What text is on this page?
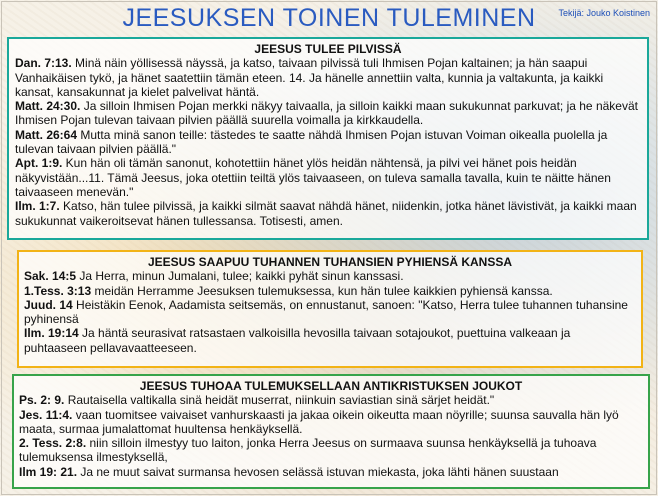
JEESUKSEN TOINEN TULEMINEN	Tekijä: Jouko Koistinen
JEESUS TULEE PILVISSÄ

Dan. 7:13. Minä näin yöllisessä näyssä, ja katso, taivaan pilvissä tuli Ihmisen Pojan kaltainen; ja hän saapui Vanhaikäisen tykö, ja hänet saatettiin tämän eteen. 14. Ja hänelle annettiin valta, kunnia ja valtakunta, ja kaikki kansat, kansakunnat ja kielet palvelivat häntä.

Matt. 24:30. Ja silloin Ihmisen Pojan merkki näkyy taivaalla, ja silloin kaikki maan sukukunnat parkuvat; ja he näkevät Ihmisen Pojan tulevan taivaan pilvien päällä suurella voimalla ja kirkkaudella.

Matt. 26:64 Mutta minä sanon teille: tästedes te saatte nähdä Ihmisen Pojan istuvan Voiman oikealla puolella ja tulevan taivaan pilvien päällä."

Apt. 1:9. Kun hän oli tämän sanonut, kohotettiin hänet ylös heidän nähtensä, ja pilvi vei hänet pois heidän näkyvistään...11. Tämä Jeesus, joka otettiin teiltä ylös taivaaseen, on tuleva samalla tavalla, kuin te näitte hänen taivaaseen menevän."

Ilm. 1:7. Katso, hän tulee pilvissä, ja kaikki silmät saavat nähdä hänet, niidenkin, jotka hänet lävistivät, ja kaikki maan sukukunnat vaikeroitsevat hänen tullessansa. Totisesti, amen.

JEESUS SAAPUU TUHANNEN TUHANSIEN PYHIENSÄ KANSSA

Sak. 14:5 Ja Herra, minun Jumalani, tulee; kaikki pyhät sinun kanssasi.

1.Tess. 3:13 meidän Herramme Jeesuksen tulemuksessa, kun hän tulee kaikkien pyhiensä kanssa.

Juud. 14 Heistäkin Eenok, Aadamista seitsemäs, on ennustanut, sanoen: "Katso, Herra tulee tuhannen tuhansine pyhinensä

Ilm. 19:14 Ja häntä seurasivat ratsastaen valkoisilla hevosilla taivaan sotajoukot, puettuina valkeaan ja puhtaaseen pellavavaatteeseen.

JEESUS TUHOAA TULEMUKSELLAAN ANTIKRISTUKSEN JOUKOT

Ps. 2: 9. Rautaisella valtikalla sinä heidät muserrat, niinkuin saviastian sinä särjet heidät."

Jes. 11:4. vaan tuomitsee vaivaiset vanhurskaasti ja jakaa oikein oikeutta maan nöyrille; suunsa sauvalla hän lyö maata, surmaa jumalattomat huultensa henkäyksellä.

2. Tess. 2:8. niin silloin ilmestyy tuo laiton, jonka Herra Jeesus on surmaava suunsa henkäyksellä ja tuhoava tulemuksensa ilmestyksellä,

Ilm 19: 21. Ja ne muut saivat surmansa hevosen selässä istuvan miekasta, joka lähti hänen suustaan
